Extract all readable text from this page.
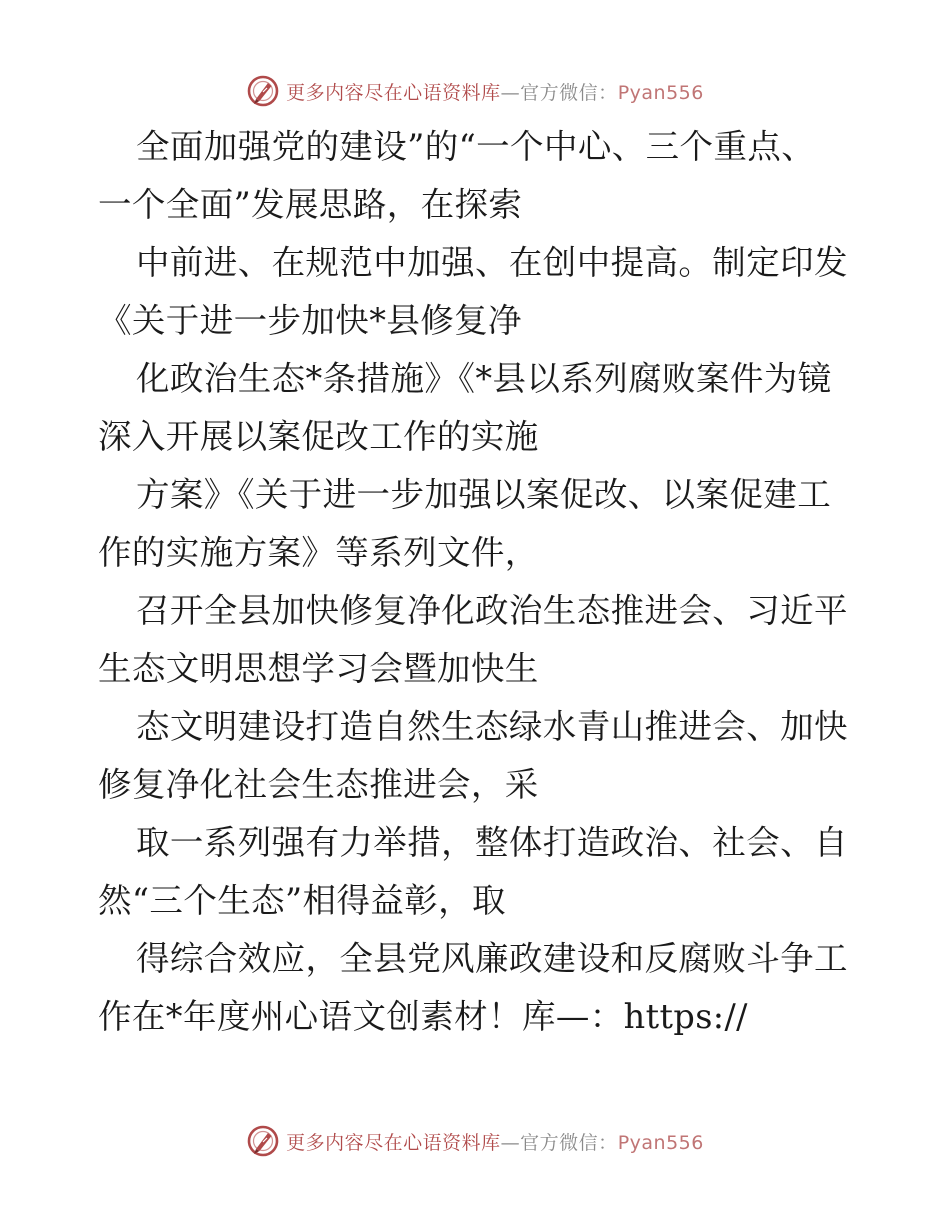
更多内容尽在心语资料库—官方微信：Pyan556
全面加强党的建设”的“一个中心、三个重点、
一个全面”发展思路，在探索
中前进、在规范中加强、在创中提高。制定印发
《关于进一步加快*县修复净
化政治生态*条措施》《*县以系列腐败案件为镜
深入开展以案促改工作的实施
方案》《关于进一步加强以案促改、以案促建工
作的实施方案》等系列文件，
召开全县加快修复净化政治生态推进会、习近平
生态文明思想学习会暨加快生
态文明建设打造自然生态绿水青山推进会、加快
修复净化社会生态推进会，采
取一系列强有力举措，整体打造政治、社会、自
然“三个生态”相得益彰，取
得综合效应，全县党风廉政建设和反腐败斗争工
作在*年度州心语文创素材！库—：https://
更多内容尽在心语资料库—官方微信：Pyan556
